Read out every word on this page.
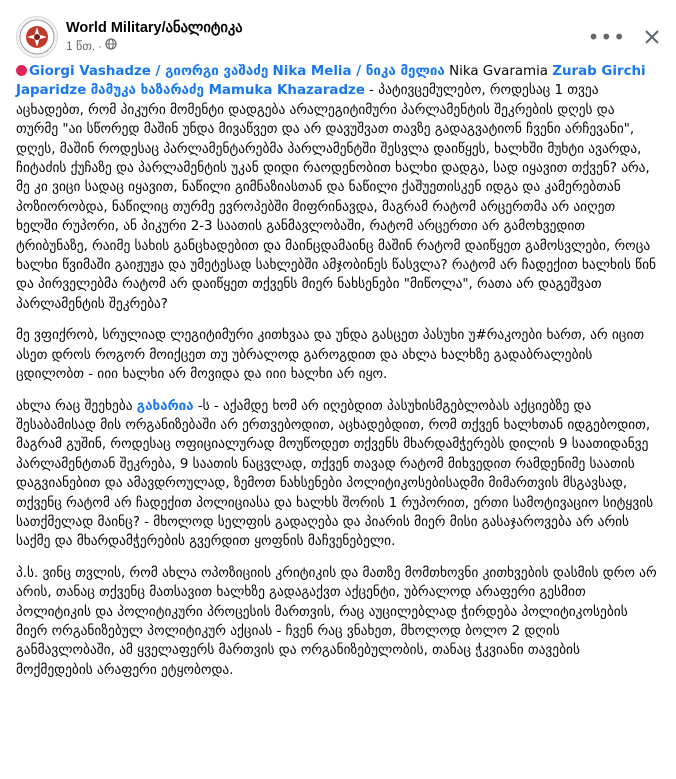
World Military/ანალიტიკა
1 წთ. ·	•••

Giorgi Vashadze / გიორგი ვაშაძე Nika Melia / ნიკა მელია Nika Gvaramia Zurab Girchi Japaridze მამუკა ხაზარაძე Mamuka Khazaradze - პატივცემულებო, როდესაც 1 თვეა აცხადებთ, რომ პიკური მომენტი დადგება არალეგიტიმური პარლამენტის შეკრების დღეს და თურმე "აი სწორედ მაშინ უნდა მივაწვეთ და არ დავუშვათ თავზე გადაგვატიონ ჩვენი არჩევანი", დღეს, მაშინ როდესაც პარლამენტარებმა პარლამენტში შესვლა დაიწყეს, ხალხში მუხტი ავარდა, ჩიტაძის ქუჩაზე და პარლამენტის უკან დიდი რაოდენობით ხალხი დადგა, სად იყავით თქვენ? არა, მე კი ვიცი სადაც იყავით, ნაწილი გიმნაზიასთან და ნაწილი ქაშუეთისკენ იდგა და კამერებთან პოზიორობდა, ნაწილიც თურმე ევროპებში მიფრინავდა, მაგრამ რატომ არცერთმა არ აიღეთ ხელში რუპორი, ან პიკური 2-3 საათის განმავლობაში, რატომ არცერთი არ გამოხვედით ტრიბუნაზე, რაიმე სახის განცხადებით და მაინცდამაინც მაშინ რატომ დაიწყეთ გამოსვლები, როცა ხალხი წვიმაში გაიჟუჟა და უმეტესად სახლებში ამჯობინეს წასვლა? რატომ არ ჩადექით ხალხის წინ და პირველებმა რატომ არ დაიწყეთ თქვენს მიერ ნახსენები "მიწოლა", რათა არ დაგეშვათ პარლამენტის შეკრება?

მე ვფიქრობ, სრულიად ლეგიტიმური კითხვაა და უნდა გასცეთ პასუხი უ#რაკოები ხართ, არ იცით ასეთ დროს როგორ მოიქცეთ თუ უბრალოდ გაროგდით და ახლა ხალხზე გადაბრალების ცდილობთ - იიი ხალხი არ მოვიდა და იიი ხალხი არ იყო.

ახლა რაც შეეხება გახარია -ს - აქამდე ხომ არ იღებდით პასუხისმგებლობას აქციებზე და შესაბამისად მის ორგანიზებაში არ ერთვებოდით, აცხადებდით, რომ თქვენ ხალხთან იდგებოდით, მაგრამ გუშინ, როდესაც ოფიციალურად მოუწოდეთ თქვენს მხარდამჭერებს დილის 9 საათიდანვე პარლამენტთან შეკრება, 9 საათის ნაცვლად, თქვენ თავად რატომ მიხვედით რამდენიმე საათის დაგვიანებით და ამავდროულად, ზემოთ ნახსენები პოლიტიკოსებისადმი მიმართვის მსგავსად, თქვენც რატომ არ ჩადექით პოლიციასა და ხალხს შორის 1 რუპორით, ერთი სამოტივაციო სიტყვის სათქმელად მაინც? - მხოლოდ სელფის გადაღება და პიარის მიერ მისი გასაჯაროვება არ არის საქმე და მხარდამჭერების გვერდით ყოფნის მაჩვენებელი.

პ.ს. ვინც თვლის, რომ ახლა ოპოზიციის კრიტიკის და მათზე მომთხოვნი კითხვების დასმის დრო არ არის, თანაც თქვენც მათსავით ხალხზე გადაგაქვთ აქცენტი, უბრალოდ არაფერი გესმით პოლიტიკის და პოლიტიკური პროცესის მართვის, რაც აუცილებლად ჭირდება პოლიტიკოსების მიერ ორგანიზებულ პოლიტიკურ აქციას - ჩვენ რაც ვნახეთ, მხოლოდ ბოლო 2 დღის განმავლობაში, ამ ყველაფერს მართვის და ორგანიზებულობის, თანაც ჭკვიანი თავების მოქმედების არაფერი ეტყობოდა.
